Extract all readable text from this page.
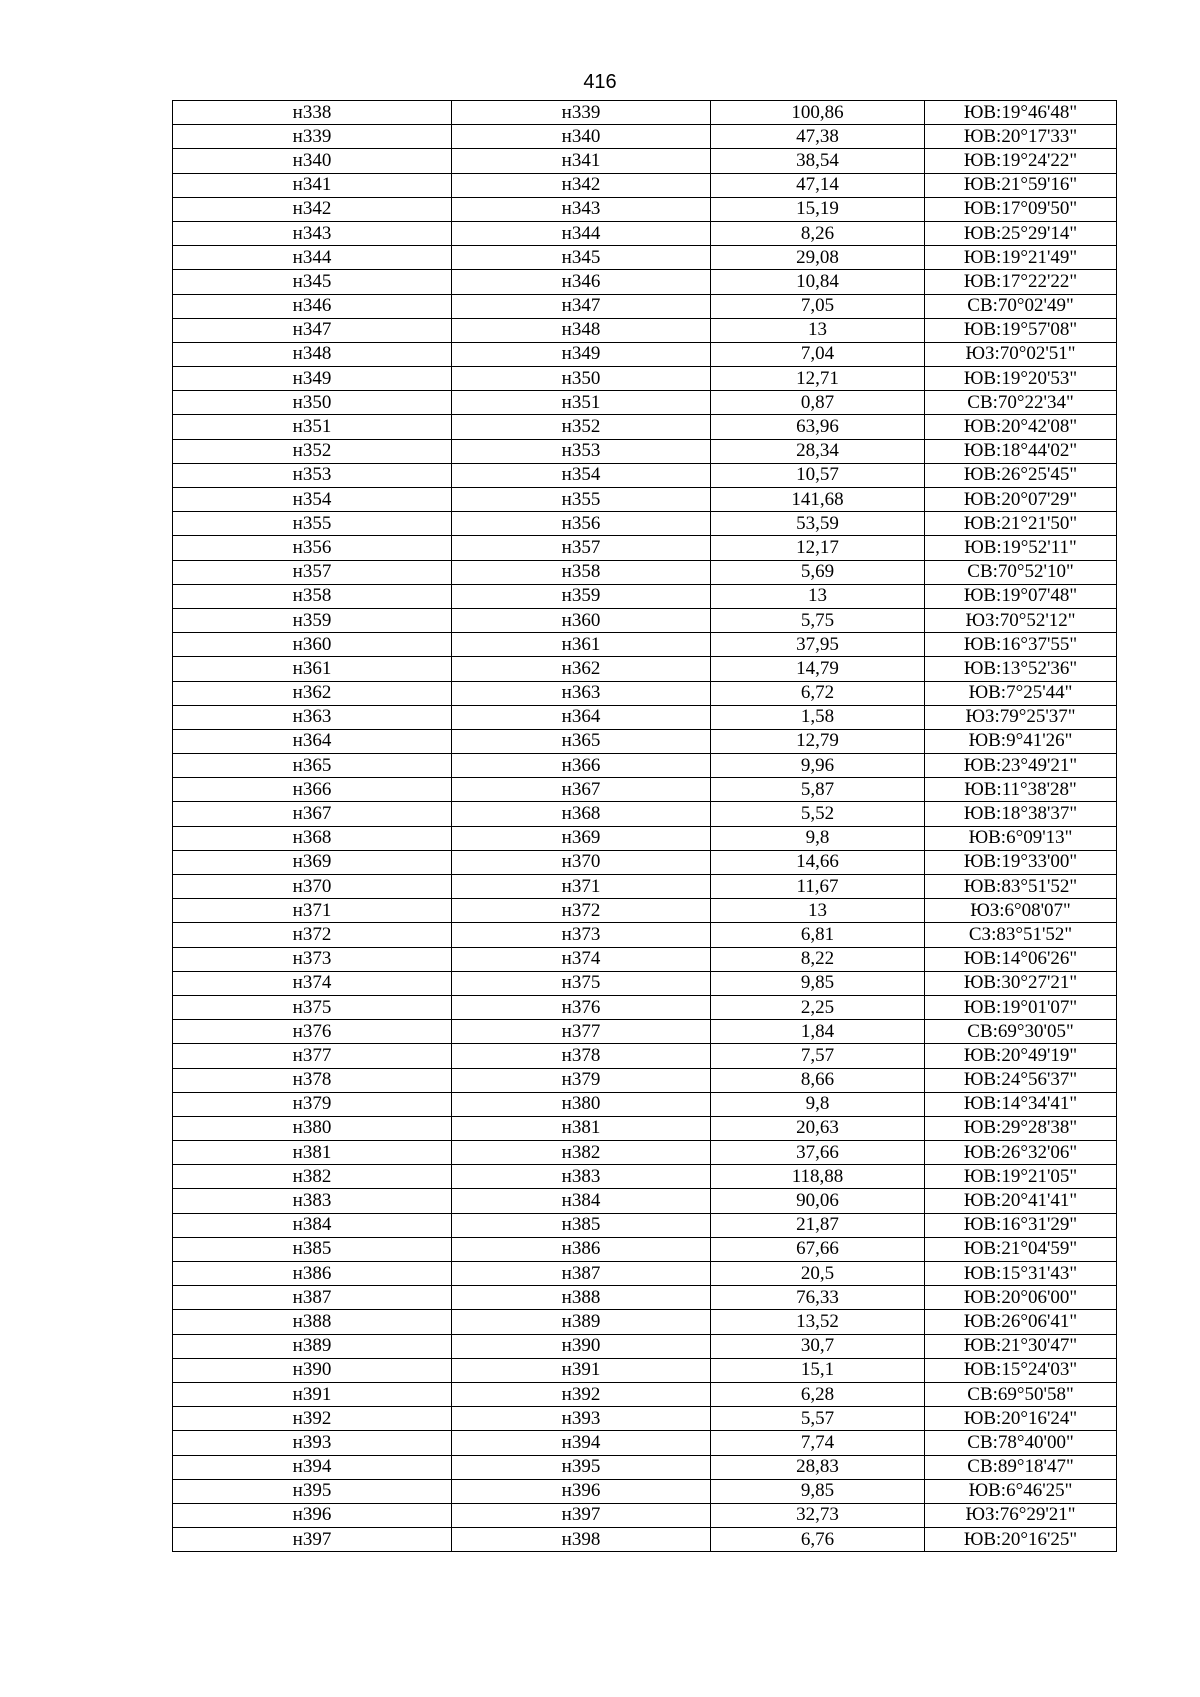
416
н338	н339	100,86	ЮВ:19°46'48"
н339	н340	47,38	ЮВ:20°17'33"
н340	н341	38,54	ЮВ:19°24'22"
н341	н342	47,14	ЮВ:21°59'16"
н342	н343	15,19	ЮВ:17°09'50"
н343	н344	8,26	ЮВ:25°29'14"
н344	н345	29,08	ЮВ:19°21'49"
н345	н346	10,84	ЮВ:17°22'22"
н346	н347	7,05	СВ:70°02'49"
н347	н348	13	ЮВ:19°57'08"
н348	н349	7,04	ЮЗ:70°02'51"
н349	н350	12,71	ЮВ:19°20'53"
н350	н351	0,87	СВ:70°22'34"
н351	н352	63,96	ЮВ:20°42'08"
н352	н353	28,34	ЮВ:18°44'02"
н353	н354	10,57	ЮВ:26°25'45"
н354	н355	141,68	ЮВ:20°07'29"
н355	н356	53,59	ЮВ:21°21'50"
н356	н357	12,17	ЮВ:19°52'11"
н357	н358	5,69	СВ:70°52'10"
н358	н359	13	ЮВ:19°07'48"
н359	н360	5,75	ЮЗ:70°52'12"
н360	н361	37,95	ЮВ:16°37'55"
н361	н362	14,79	ЮВ:13°52'36"
н362	н363	6,72	ЮВ:7°25'44"
н363	н364	1,58	ЮЗ:79°25'37"
н364	н365	12,79	ЮВ:9°41'26"
н365	н366	9,96	ЮВ:23°49'21"
н366	н367	5,87	ЮВ:11°38'28"
н367	н368	5,52	ЮВ:18°38'37"
н368	н369	9,8	ЮВ:6°09'13"
н369	н370	14,66	ЮВ:19°33'00"
н370	н371	11,67	ЮВ:83°51'52"
н371	н372	13	ЮЗ:6°08'07"
н372	н373	6,81	СЗ:83°51'52"
н373	н374	8,22	ЮВ:14°06'26"
н374	н375	9,85	ЮВ:30°27'21"
н375	н376	2,25	ЮВ:19°01'07"
н376	н377	1,84	СВ:69°30'05"
н377	н378	7,57	ЮВ:20°49'19"
н378	н379	8,66	ЮВ:24°56'37"
н379	н380	9,8	ЮВ:14°34'41"
н380	н381	20,63	ЮВ:29°28'38"
н381	н382	37,66	ЮВ:26°32'06"
н382	н383	118,88	ЮВ:19°21'05"
н383	н384	90,06	ЮВ:20°41'41"
н384	н385	21,87	ЮВ:16°31'29"
н385	н386	67,66	ЮВ:21°04'59"
н386	н387	20,5	ЮВ:15°31'43"
н387	н388	76,33	ЮВ:20°06'00"
н388	н389	13,52	ЮВ:26°06'41"
н389	н390	30,7	ЮВ:21°30'47"
н390	н391	15,1	ЮВ:15°24'03"
н391	н392	6,28	СВ:69°50'58"
н392	н393	5,57	ЮВ:20°16'24"
н393	н394	7,74	СВ:78°40'00"
н394	н395	28,83	СВ:89°18'47"
н395	н396	9,85	ЮВ:6°46'25"
н396	н397	32,73	ЮЗ:76°29'21"
н397	н398	6,76	ЮВ:20°16'25"
